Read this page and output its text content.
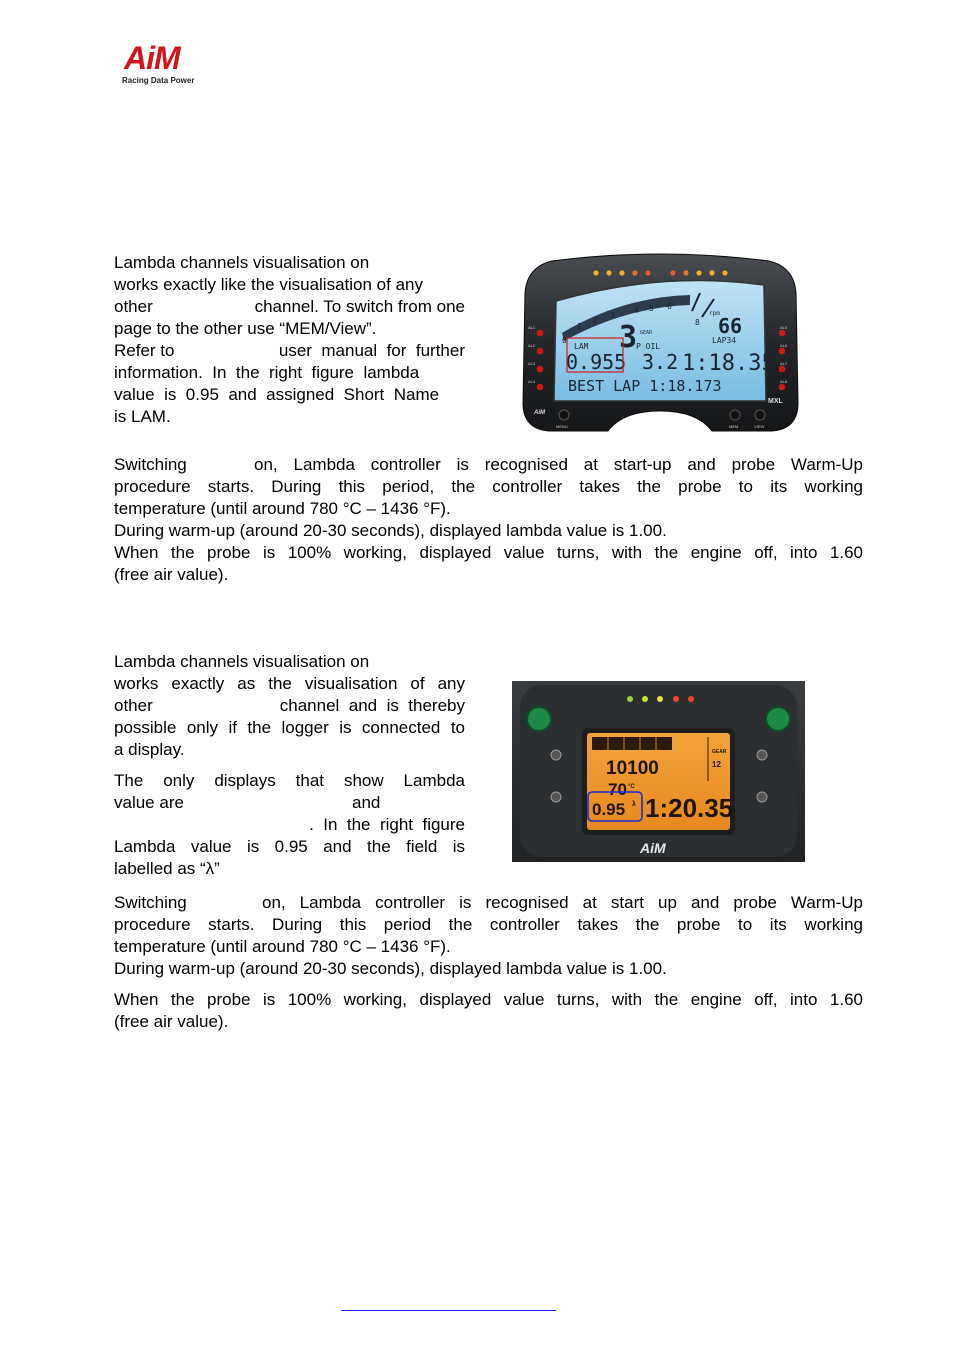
AiM
Racing Data Power

Lambda channels visualisation on

works exactly like the visualisation of any

other	channel. To switch from one

page to the other use “MEM/View”.

Refer to	user  manual  for  further

information.  In  the  right  figure  lambda

value  is  0.95  and  assigned  Short  Name

is LAM.

Switching	on, Lambda controller is recognised at start-up and probe Warm-Up

procedure starts. During this period, the controller takes the probe to its working

temperature (until around 780 °C – 1436 °F).

During warm-up (around 20-30 seconds), displayed lambda value is 1.00.

When the probe is 100% working, displayed value turns, with the engine off, into 1.60

(free air value).

AL1
AL2
AL3
AL4
AL5
AL6
AL7
AL8
0
1
2
3
4 5 6
8
rpm
3 GEAR	66
LAM
0.955
P OIL
3.2
LAP34
1:18.35
BEST LAP 1:18.173
AiM
MENU	MEM	VIEW
MXL

Lambda channels visualisation on

works exactly as the visualisation of any

other	channel  and  is  thereby

possible only if the logger is connected to

a display.

The  only  displays  that  show  Lambda

value are	and

.  In  the  right  figure

Lambda  value  is  0.95  and  the  field  is

labelled as “λ”

10100
GEAR
12
70 °C
0.95 λ 1:20.35
AiM

Switching	on, Lambda controller is recognised at start up and probe Warm-Up

procedure starts. During this period the controller takes the probe to its working

temperature (until around 780 °C – 1436 °F).

During warm-up (around 20-30 seconds), displayed lambda value is 1.00.

When the probe is 100% working, displayed value turns, with the engine off, into 1.60

(free air value).
